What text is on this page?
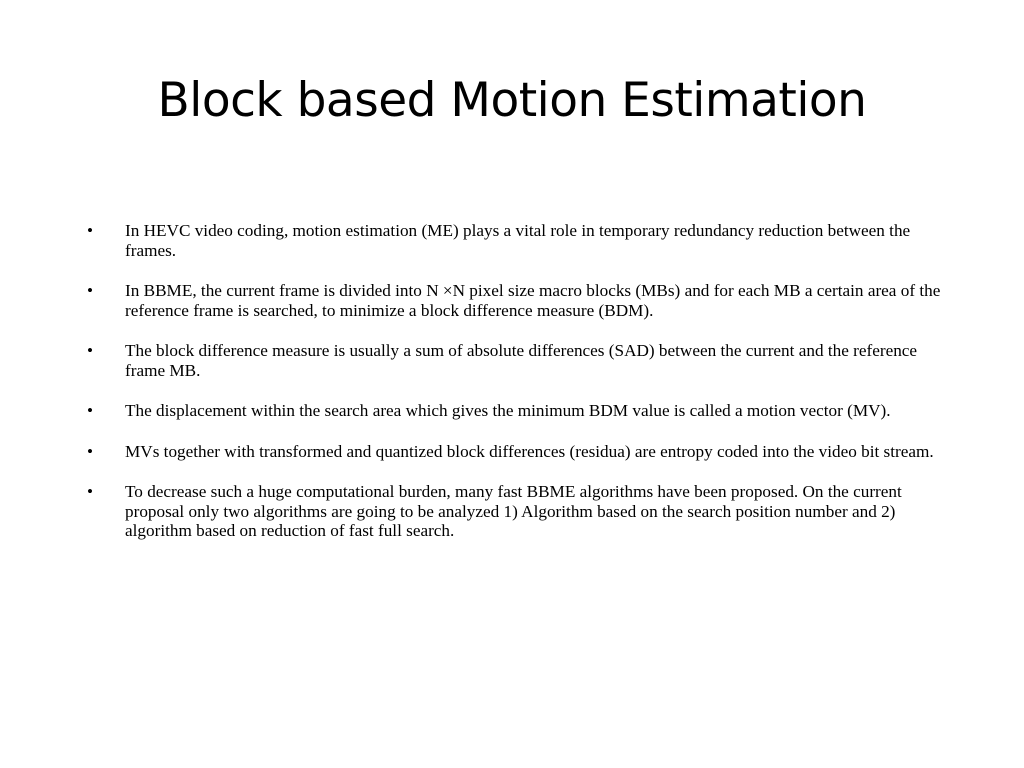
Block based Motion Estimation
•	In HEVC video coding, motion estimation (ME) plays a vital role in temporary redundancy reduction between the frames.
•	In BBME, the current frame is divided into N ×N pixel size macro blocks (MBs) and for each MB a certain area of the reference frame is searched, to minimize a block difference measure (BDM).
•	The block difference measure is usually a sum of absolute differences (SAD) between the current and the reference frame MB.
•	The displacement within the search area which gives the minimum BDM value is called a motion vector (MV).
•	MVs together with transformed and quantized block differences (residua) are entropy coded into the video bit stream.
•	To decrease such a huge computational burden, many fast BBME algorithms have been proposed. On the current proposal only two algorithms are going to be analyzed 1) Algorithm based on the search position number and 2) algorithm based on reduction of fast full search.
